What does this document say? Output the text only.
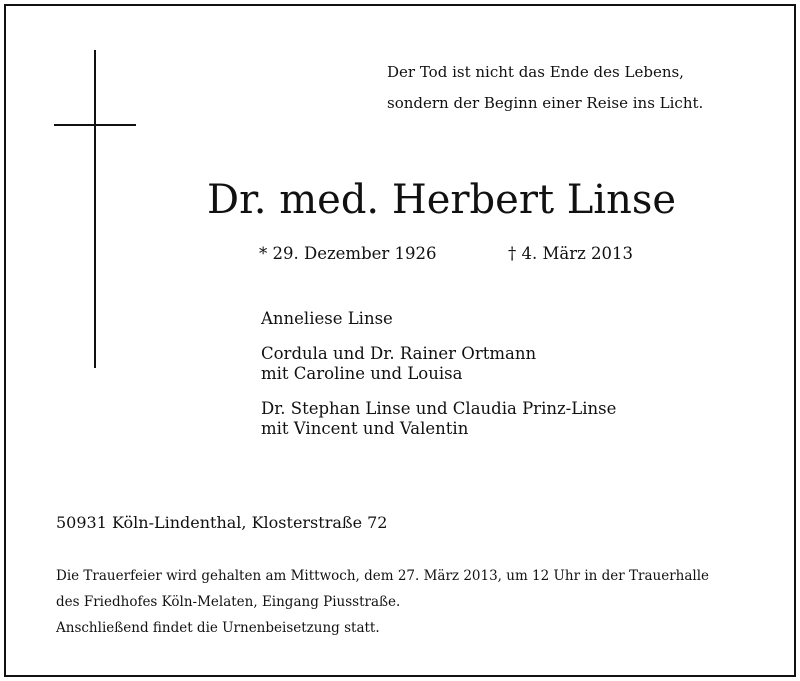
Der Tod ist nicht das Ende des Lebens,
sondern der Beginn einer Reise ins Licht.
Dr. med. Herbert Linse
* 29. Dezember 1926	† 4. März 2013
Anneliese Linse
Cordula und Dr. Rainer Ortmann
mit Caroline und Louisa
Dr. Stephan Linse und Claudia Prinz-Linse
mit Vincent und Valentin
50931 Köln-Lindenthal, Klosterstraße 72
Die Trauerfeier wird gehalten am Mittwoch, dem 27. März 2013, um 12 Uhr in der Trauerhalle
des Friedhofes Köln-Melaten, Eingang Piusstraße.
Anschließend findet die Urnenbeisetzung statt.
